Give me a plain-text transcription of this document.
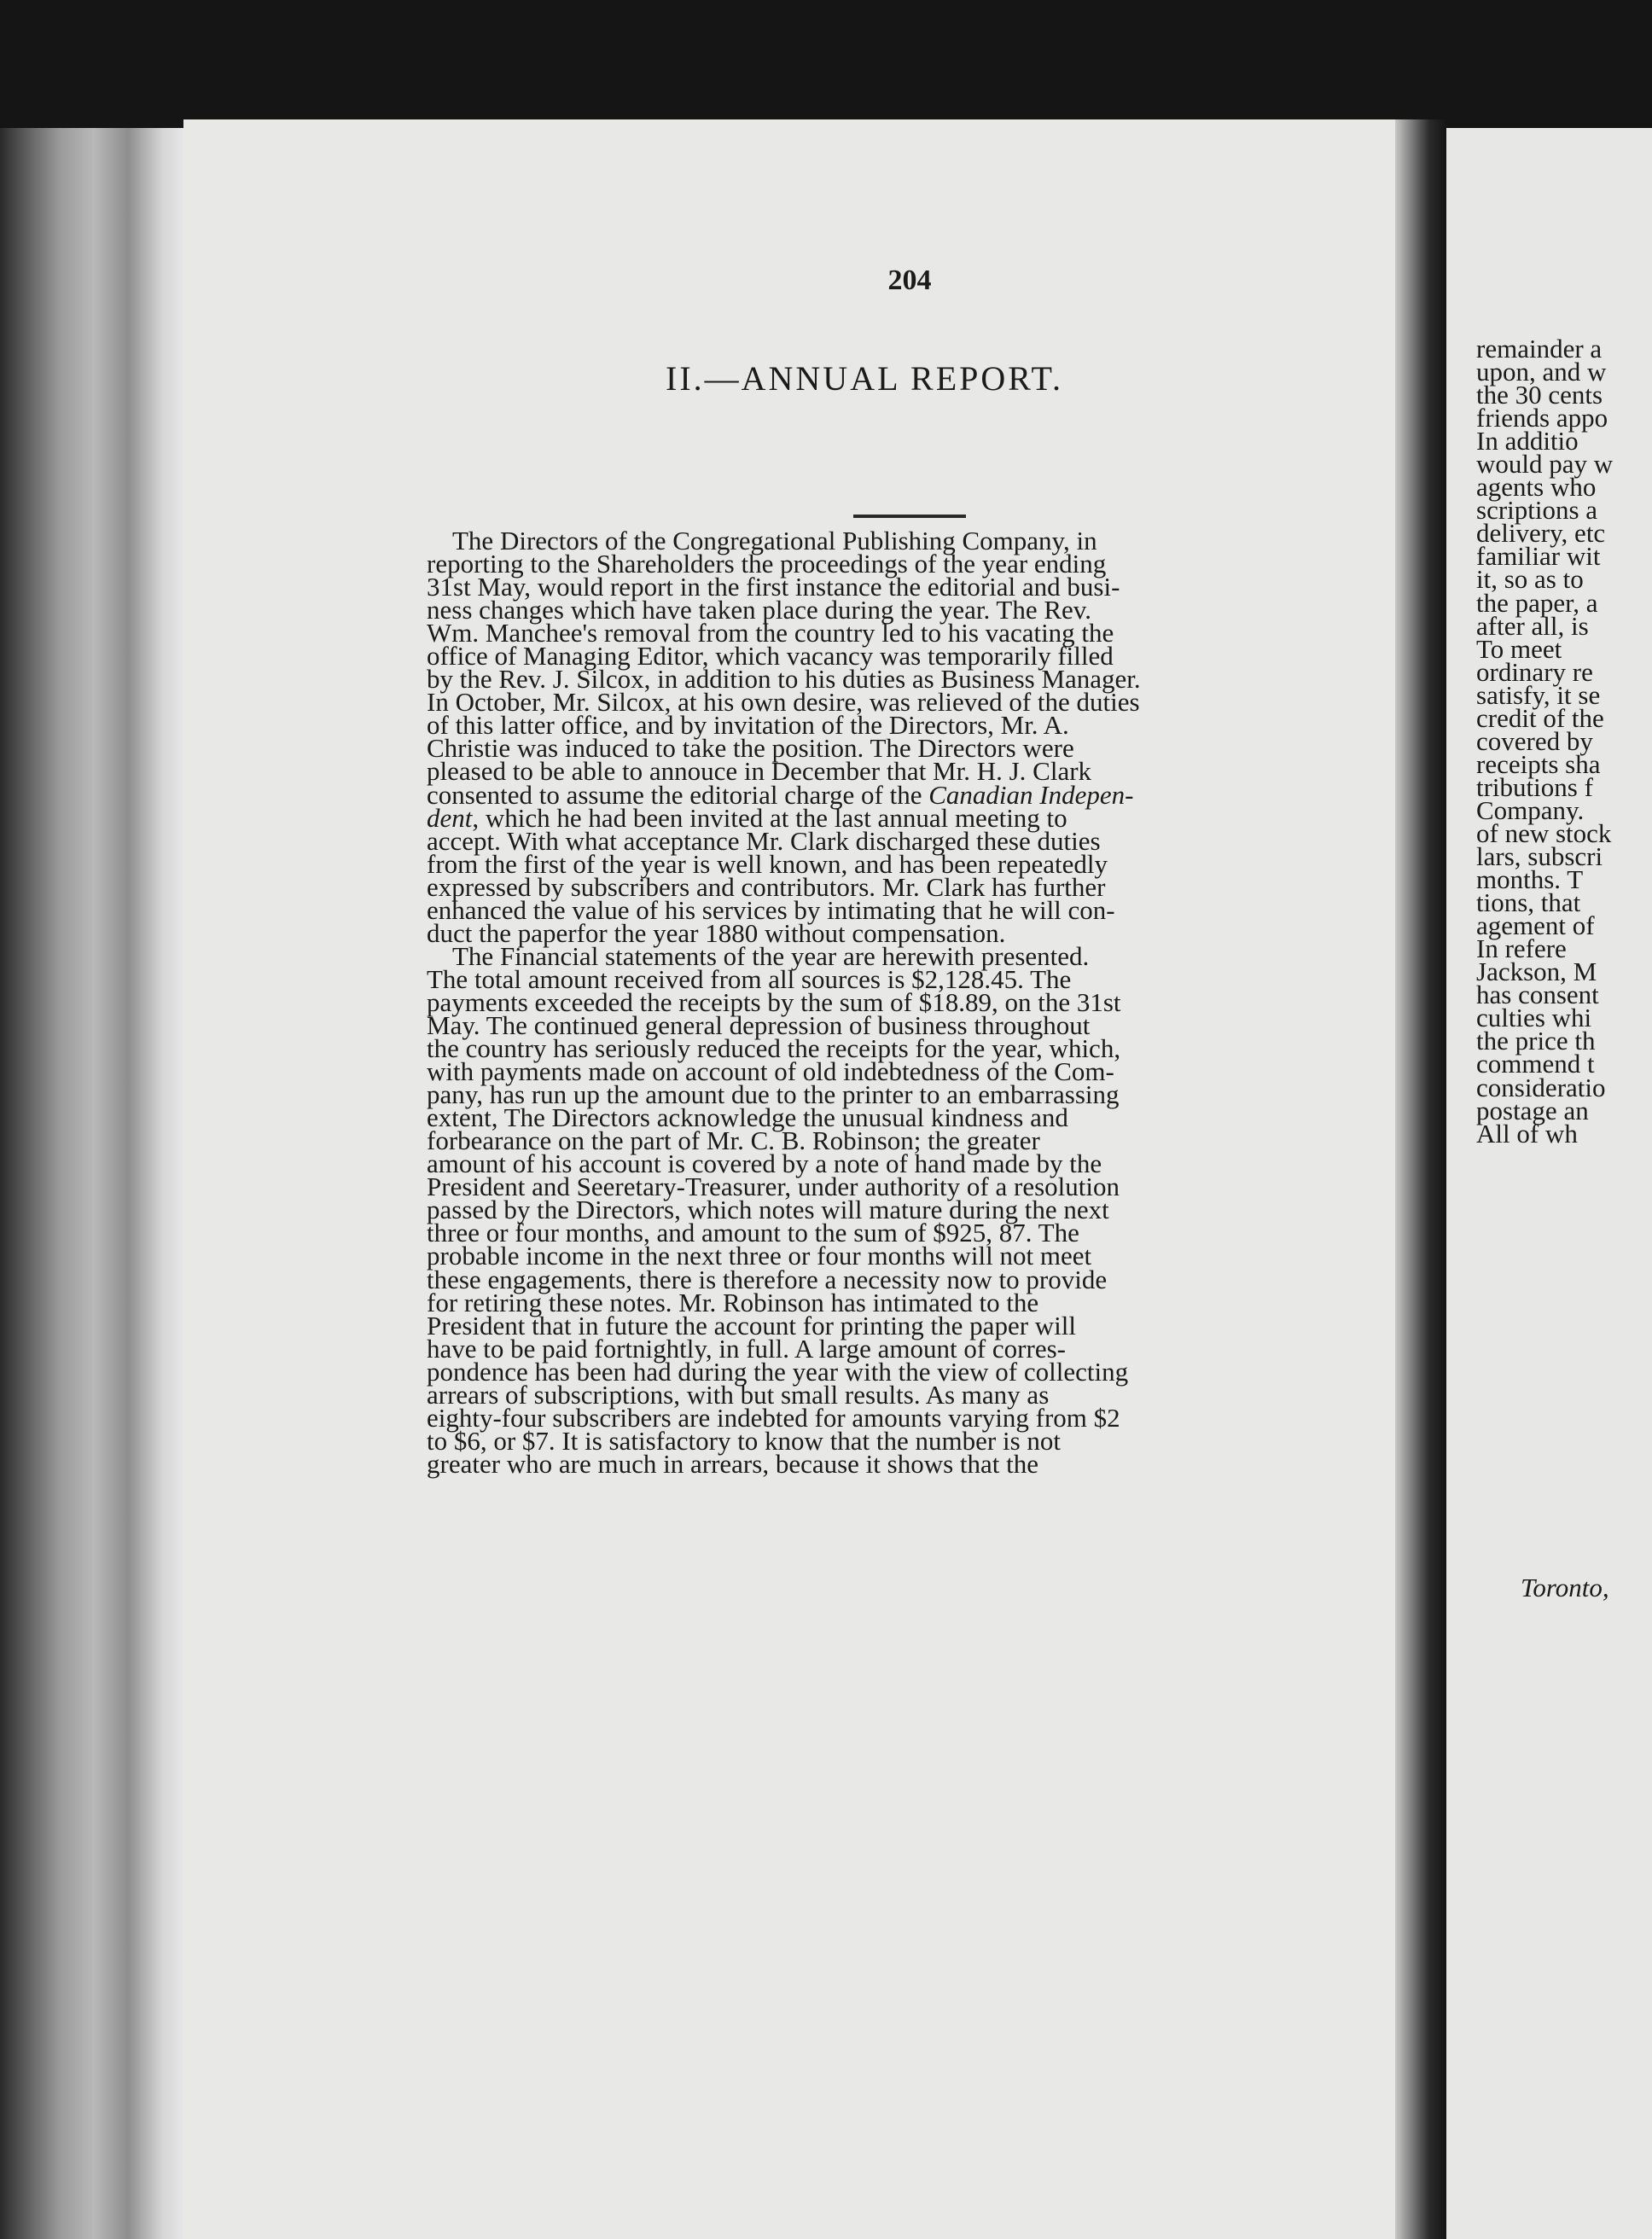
204
II.—ANNUAL REPORT.
The Directors of the Congregational Publishing Company, in
reporting to the Shareholders the proceedings of the year ending
31st May, would report in the first instance the editorial and busi-
ness changes which have taken place during the year. The Rev.
Wm. Manchee's removal from the country led to his vacating the
office of Managing Editor, which vacancy was temporarily filled
by the Rev. J. Silcox, in addition to his duties as Business Manager.
In October, Mr. Silcox, at his own desire, was relieved of the duties
of this latter office, and by invitation of the Directors, Mr. A.
Christie was induced to take the position. The Directors were
pleased to be able to annouce in December that Mr. H. J. Clark
consented to assume the editorial charge of the Canadian Indepen-
dent, which he had been invited at the last annual meeting to
accept. With what acceptance Mr. Clark discharged these duties
from the first of the year is well known, and has been repeatedly
expressed by subscribers and contributors. Mr. Clark has further
enhanced the value of his services by intimating that he will con-
duct the paperfor the year 1880 without compensation.
The Financial statements of the year are herewith presented.
The total amount received from all sources is $2,128.45. The
payments exceeded the receipts by the sum of $18.89, on the 31st
May. The continued general depression of business throughout
the country has seriously reduced the receipts for the year, which,
with payments made on account of old indebtedness of the Com-
pany, has run up the amount due to the printer to an embarrassing
extent, The Directors acknowledge the unusual kindness and
forbearance on the part of Mr. C. B. Robinson; the greater
amount of his account is covered by a note of hand made by the
President and Seeretary-Treasurer, under authority of a resolution
passed by the Directors, which notes will mature during the next
three or four months, and amount to the sum of $925, 87. The
probable income in the next three or four months will not meet
these engagements, there is therefore a necessity now to provide
for retiring these notes. Mr. Robinson has intimated to the
President that in future the account for printing the paper will
have to be paid fortnightly, in full. A large amount of corres-
pondence has been had during the year with the view of collecting
arrears of subscriptions, with but small results. As many as
eighty-four subscribers are indebted for amounts varying from $2
to $6, or $7. It is satisfactory to know that the number is not
greater who are much in arrears, because it shows that the
remainder a
upon, and w
the 30 cents
friends appo
In additio
would pay w
agents who
scriptions a
delivery, etc
familiar wit
it, so as to
the paper, a
after all, is
To meet
ordinary re
satisfy, it se
credit of the
covered by
receipts sha
tributions f
Company.
of new stock
lars, subscri
months. T
tions, that
agement of
In refere
Jackson, M
has consent
culties whi
the price th
commend t
consideratio
postage an
All of wh
Toronto,
